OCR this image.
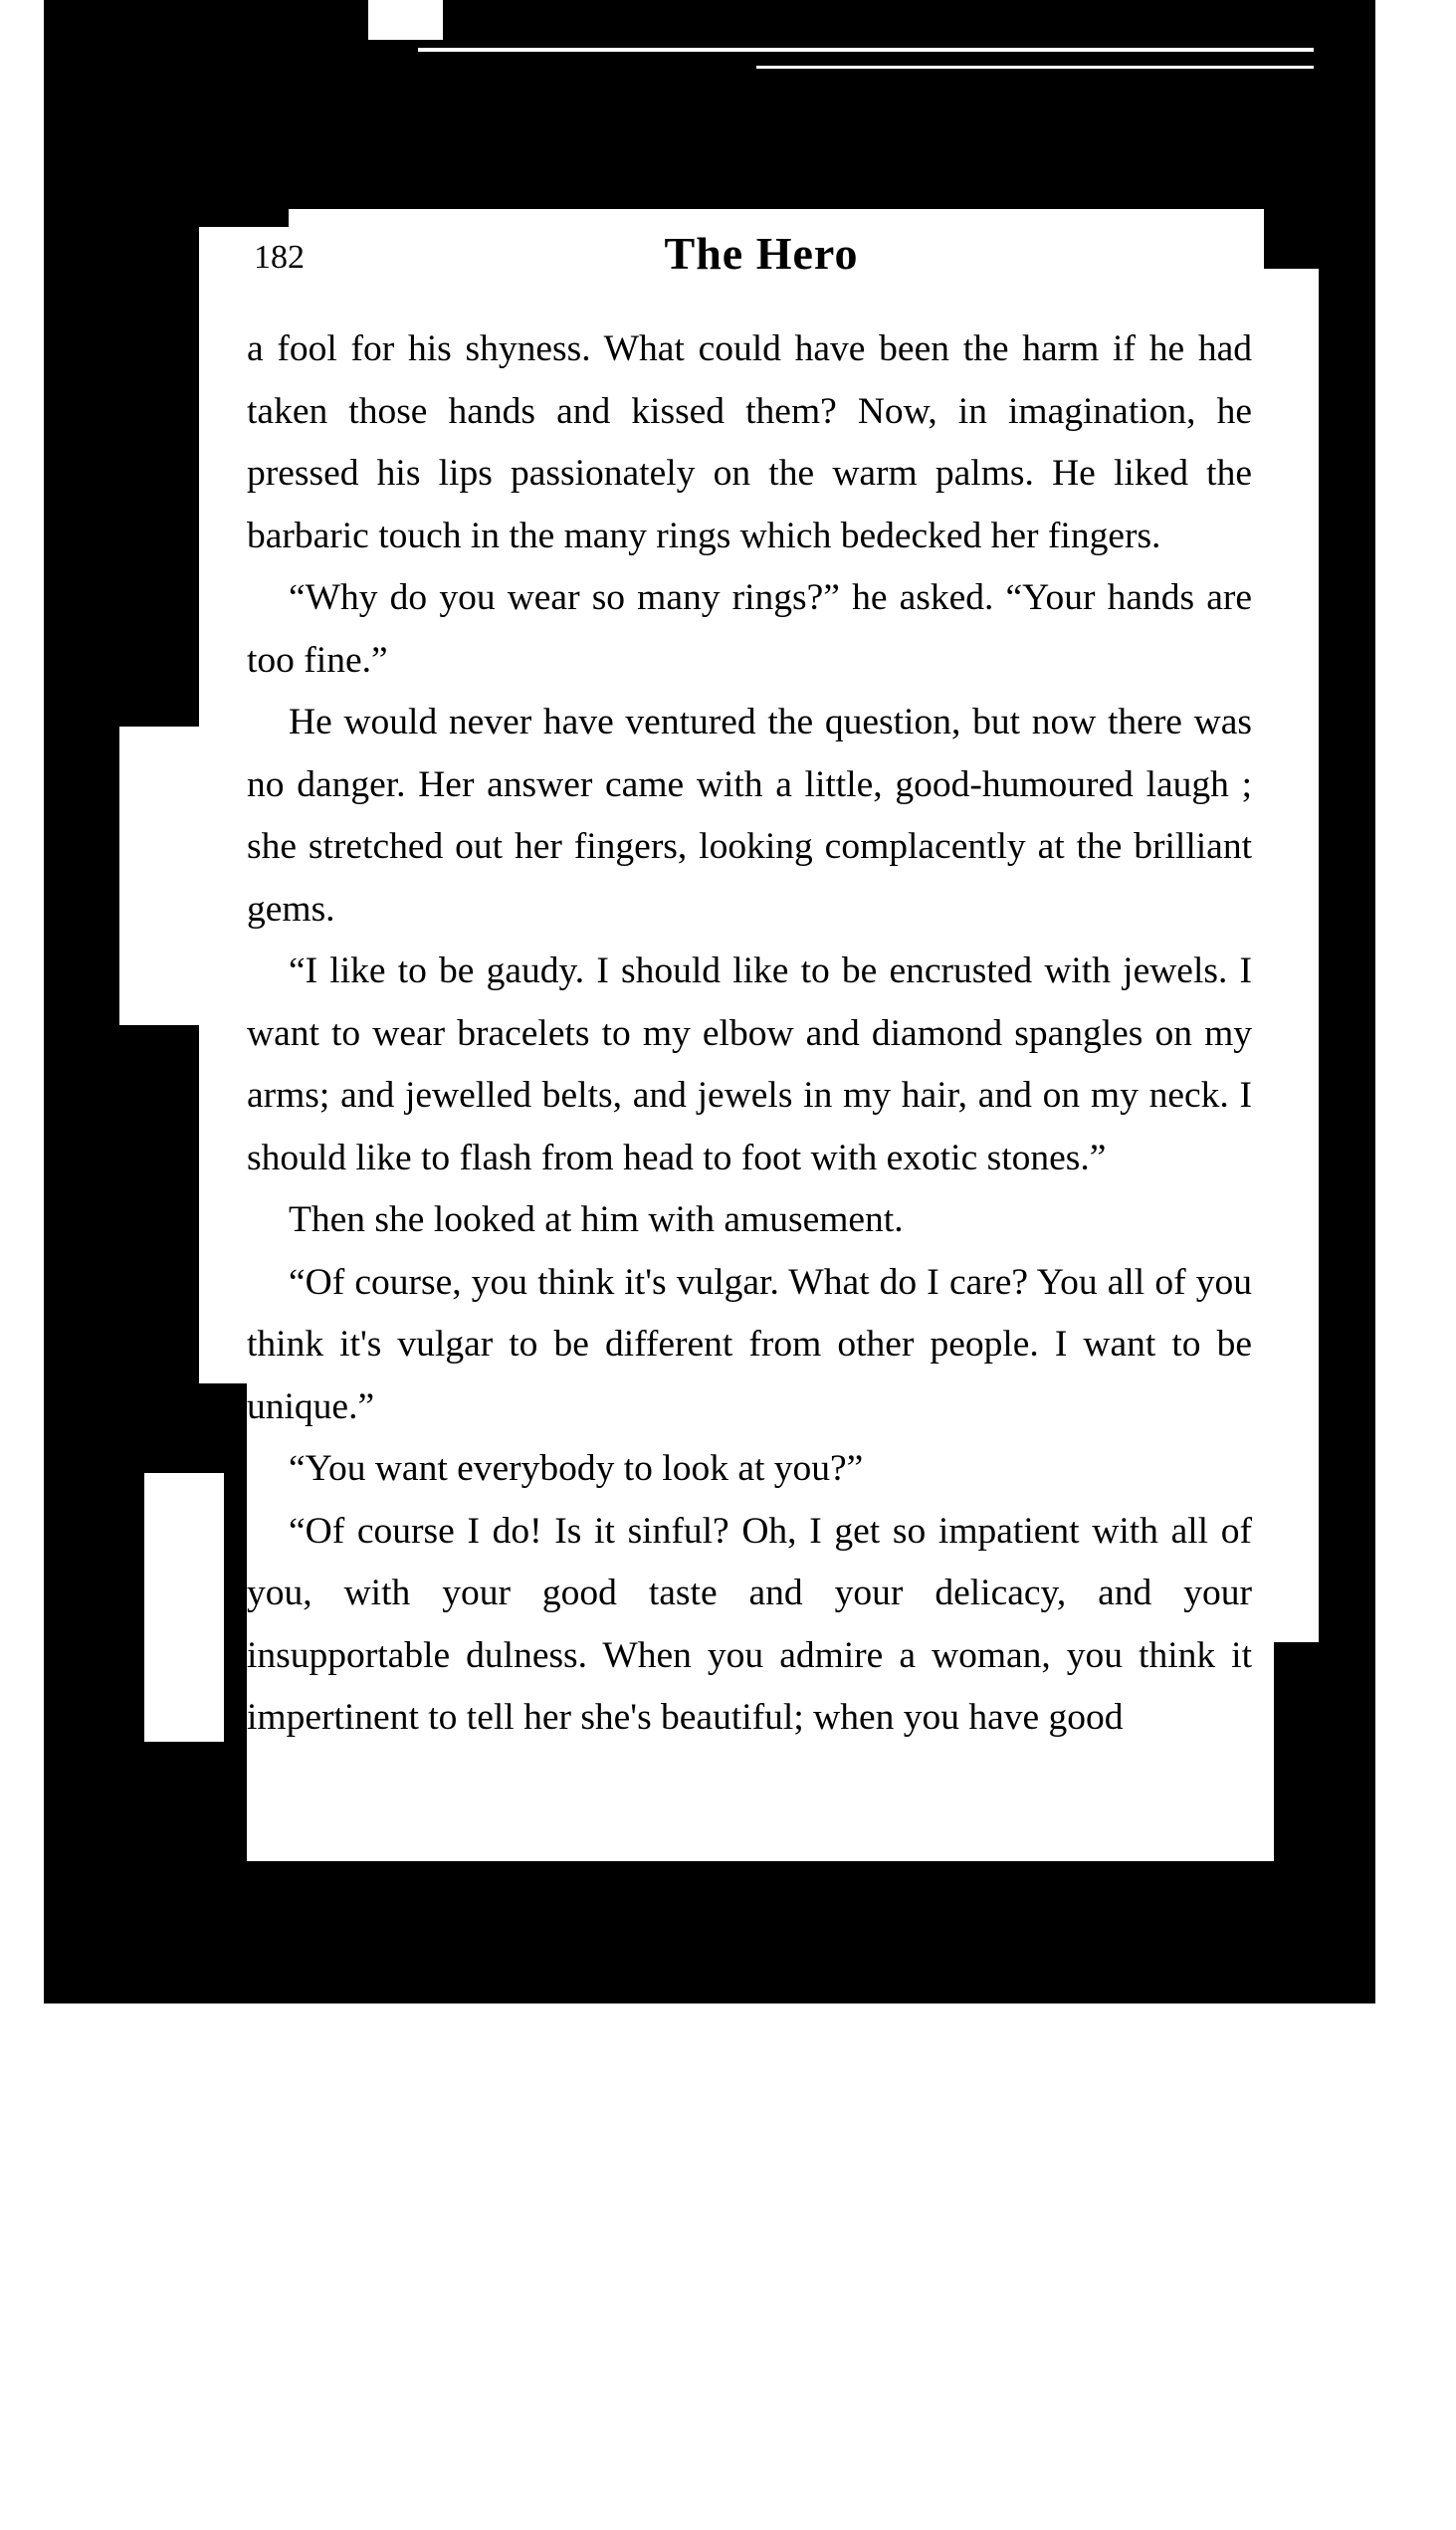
182	The Hero

a fool for his shyness. What could have been the harm if he had taken those hands and kissed them? Now, in imagination, he pressed his lips passionately on the warm palms. He liked the barbaric touch in the many rings which bedecked her fingers.

“Why do you wear so many rings?” he asked. “Your hands are too fine.”

He would never have ventured the question, but now there was no danger. Her answer came with a little, good-humoured laugh ; she stretched out her fingers, looking complacently at the brilliant gems.

“I like to be gaudy. I should like to be encrusted with jewels. I want to wear bracelets to my elbow and diamond spangles on my arms; and jewelled belts, and jewels in my hair, and on my neck. I should like to flash from head to foot with exotic stones.”

Then she looked at him with amusement.

“Of course, you think it's vulgar. What do I care? You all of you think it's vulgar to be different from other people. I want to be unique.”

“You want everybody to look at you?”

“Of course I do! Is it sinful? Oh, I get so impatient with all of you, with your good taste and your delicacy, and your insupportable dulness. When you admire a woman, you think it impertinent to tell her she's beautiful; when you have good
